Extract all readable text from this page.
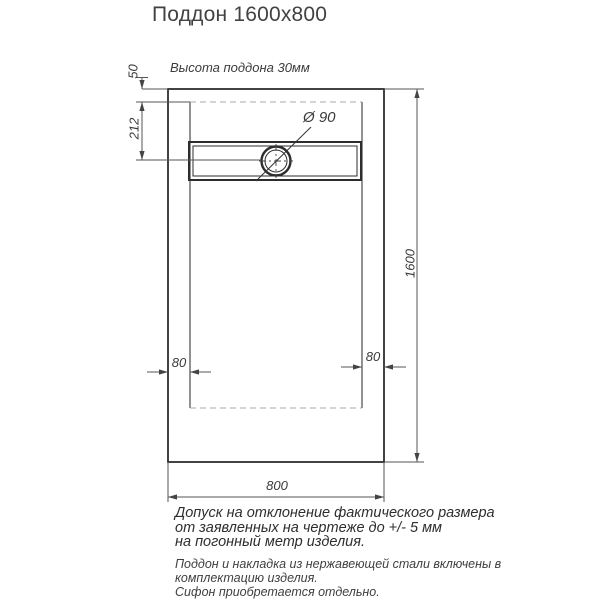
Поддон 1600x800
Высота поддона 30мм
50
212
Ø 90
1600
80	80
800
Допуск на отклонение фактического размера
от заявленных на чертеже до +/- 5 мм
на погонный метр изделия.
Поддон и накладка из нержавеющей стали включены в
комплектацию изделия.
Сифон приобретается отдельно.
